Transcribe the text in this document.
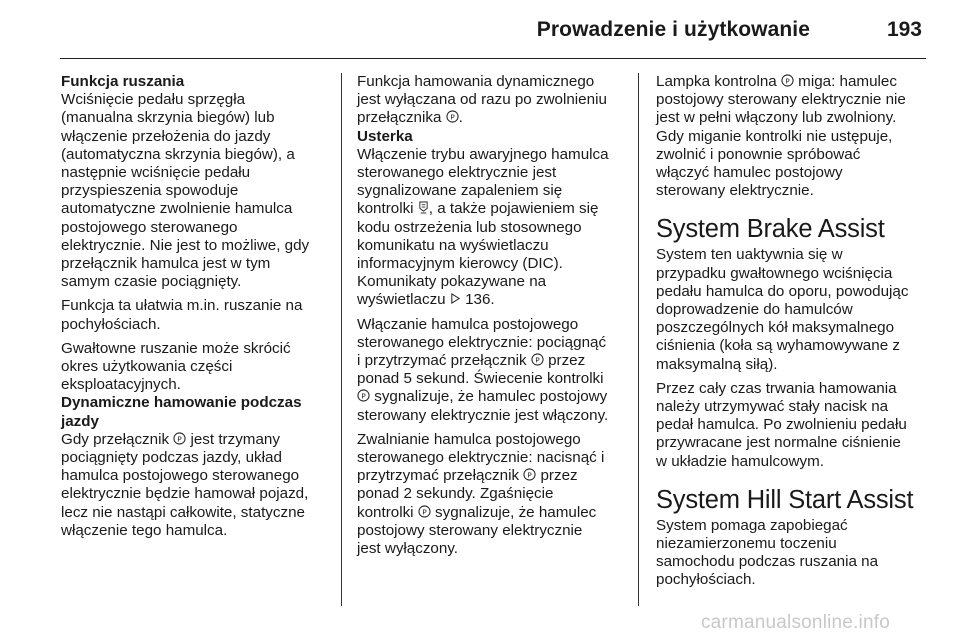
Prowadzenie i użytkowanie	193

Funkcja ruszania

Wciśnięcie pedału sprzęgła
(manualna skrzynia biegów) lub
włączenie przełożenia do jazdy
(automatyczna skrzynia biegów), a
następnie wciśnięcie pedału
przyspieszenia spowoduje
automatyczne zwolnienie hamulca
postojowego sterowanego
elektrycznie. Nie jest to możliwe, gdy
przełącznik hamulca jest w tym
samym czasie pociągnięty.

Funkcja ta ułatwia m.in. ruszanie na
pochyłościach.

Gwałtowne ruszanie może skrócić
okres użytkowania części
eksploatacyjnych.

Dynamiczne hamowanie podczas
jazdy

Gdy przełącznik P jest trzymany
pociągnięty podczas jazdy, układ
hamulca postojowego sterowanego
elektrycznie będzie hamował pojazd,
lecz nie nastąpi całkowite, statyczne
włączenie tego hamulca.

Funkcja hamowania dynamicznego
jest wyłączana od razu po zwolnieniu
przełącznika P .

Usterka

Włączenie trybu awaryjnego hamulca
sterowanego elektrycznie jest
sygnalizowane zapaleniem się
kontrolki , a także pojawieniem się
kodu ostrzeżenia lub stosownego
komunikatu na wyświetlaczu
informacyjnym kierowcy (DIC).
Komunikaty pokazywane na
wyświetlaczu  136.

Włączanie hamulca postojowego
sterowanego elektrycznie: pociągnąć
i przytrzymać przełącznik P przez
ponad 5 sekund. Świecenie kontrolki
P sygnalizuje, że hamulec postojowy
sterowany elektrycznie jest włączony.

Zwalnianie hamulca postojowego
sterowanego elektrycznie: nacisnąć i
przytrzymać przełącznik P przez
ponad 2 sekundy. Zgaśnięcie
kontrolki P sygnalizuje, że hamulec
postojowy sterowany elektrycznie
jest wyłączony.

Lampka kontrolna P miga: hamulec
postojowy sterowany elektrycznie nie
jest w pełni włączony lub zwolniony.
Gdy miganie kontrolki nie ustępuje,
zwolnić i ponownie spróbować
włączyć hamulec postojowy
sterowany elektrycznie.

System Brake Assist

System ten uaktywnia się w
przypadku gwałtownego wciśnięcia
pedału hamulca do oporu, powodując
doprowadzenie do hamulców
poszczególnych kół maksymalnego
ciśnienia (koła są wyhamowywane z
maksymalną siłą).

Przez cały czas trwania hamowania
należy utrzymywać stały nacisk na
pedał hamulca. Po zwolnieniu pedału
przywracane jest normalne ciśnienie
w układzie hamulcowym.

System Hill Start Assist

System pomaga zapobiegać
niezamierzonemu toczeniu
samochodu podczas ruszania na
pochyłościach.

carmanualsonline.info
